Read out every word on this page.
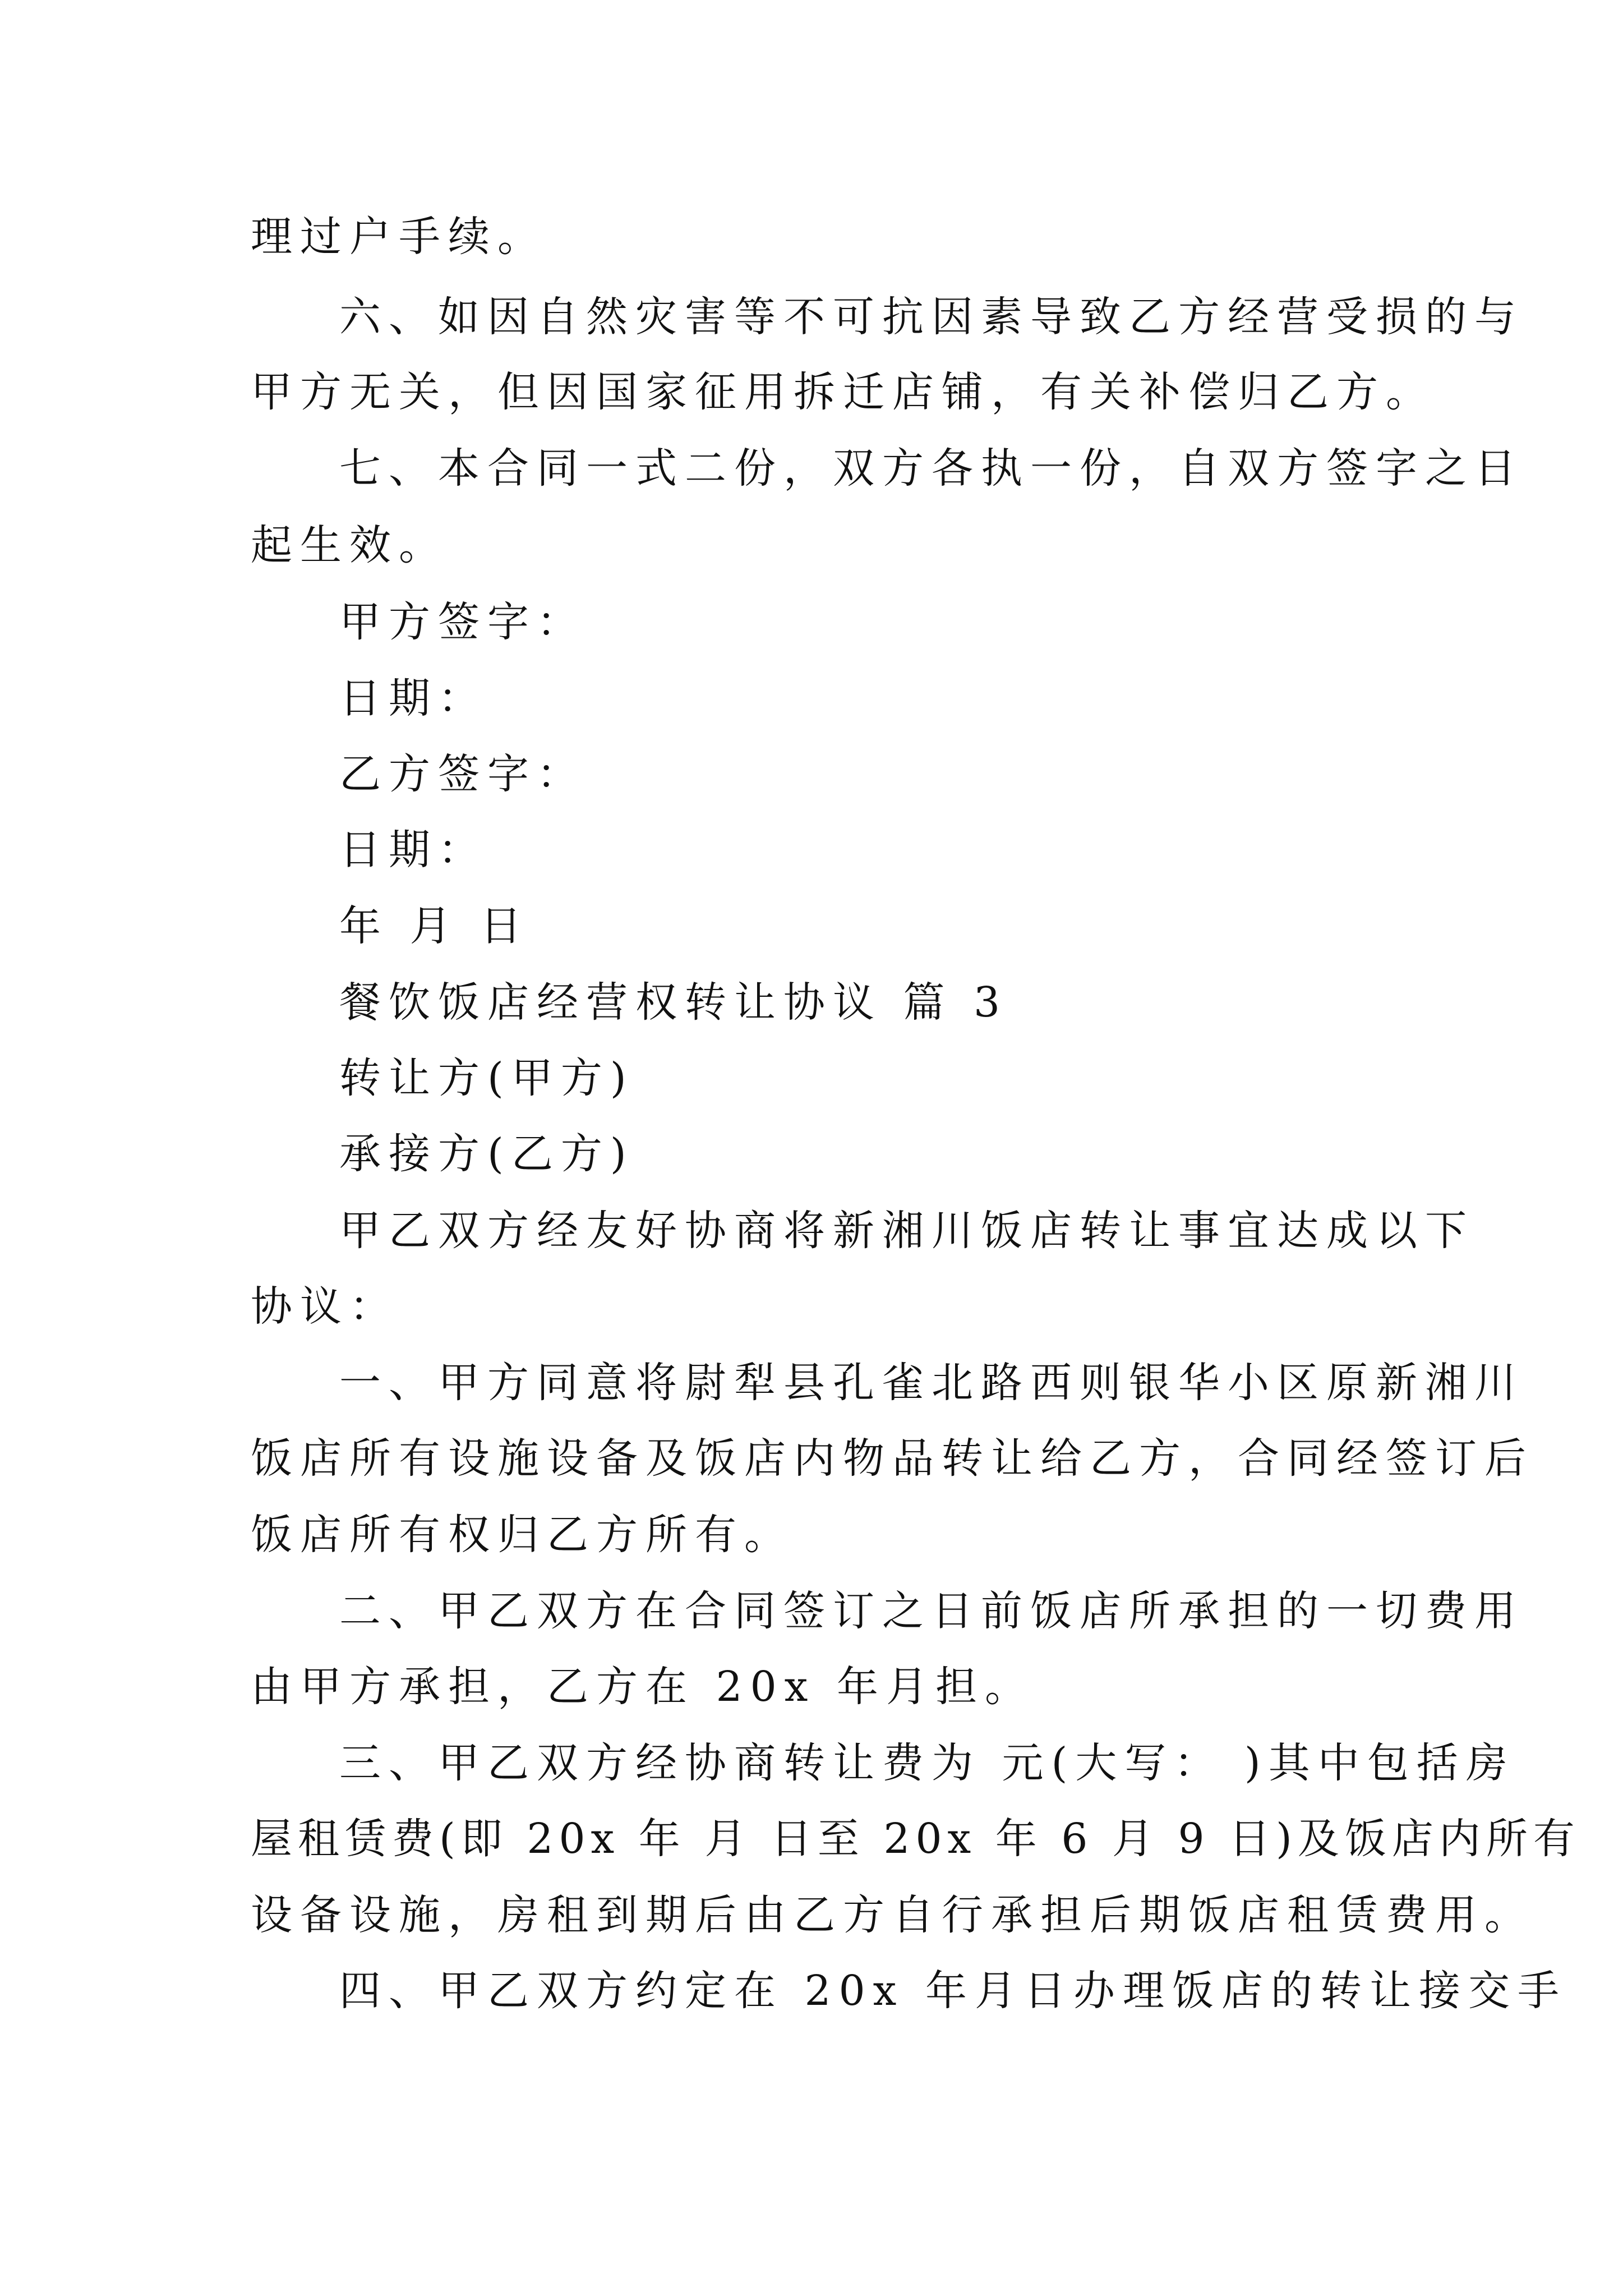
理过户手续。
六、如因自然灾害等不可抗因素导致乙方经营受损的与
甲方无关，但因国家征用拆迁店铺，有关补偿归乙方。
七、本合同一式二份，双方各执一份，自双方签字之日
起生效。
甲方签字：
日期：
乙方签字：
日期：
年 月 日
餐饮饭店经营权转让协议 篇 3
转让方(甲方)
承接方(乙方)
甲乙双方经友好协商将新湘川饭店转让事宜达成以下
协议：
一、甲方同意将尉犁县孔雀北路西则银华小区原新湘川
饭店所有设施设备及饭店内物品转让给乙方，合同经签订后
饭店所有权归乙方所有。
二、甲乙双方在合同签订之日前饭店所承担的一切费用
由甲方承担，乙方在 20x 年月担。
三、甲乙双方经协商转让费为 元(大写： )其中包括房
屋租赁费(即 20x 年 月 日至 20x 年 6 月 9 日)及饭店内所有
设备设施，房租到期后由乙方自行承担后期饭店租赁费用。
四、甲乙双方约定在 20x 年月日办理饭店的转让接交手
